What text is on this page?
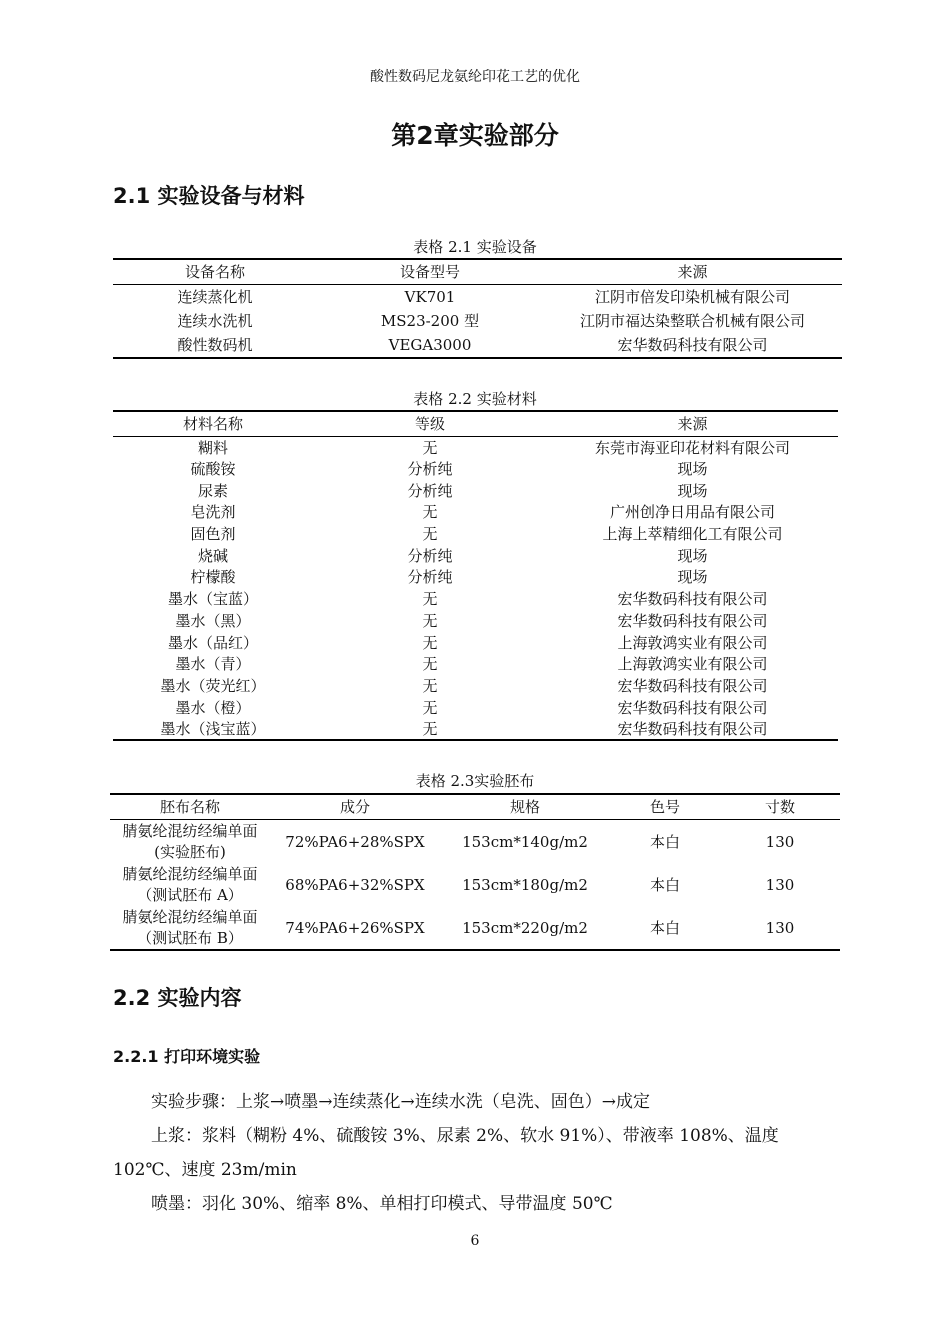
酸性数码尼龙氨纶印花工艺的优化
第2章实验部分
2.1 实验设备与材料
表格 2.1 实验设备
设备名称	设备型号	来源
连续蒸化机	VK701	江阴市倍发印染机械有限公司
连续水洗机	MS23-200 型	江阴市福达染整联合机械有限公司
酸性数码机	VEGA3000	宏华数码科技有限公司
表格 2.2 实验材料
材料名称	等级	来源
糊料	无	东莞市海亚印花材料有限公司
硫酸铵	分析纯	现场
尿素	分析纯	现场
皂洗剂	无	广州创净日用品有限公司
固色剂	无	上海上萃精细化工有限公司
烧碱	分析纯	现场
柠檬酸	分析纯	现场
墨水（宝蓝）	无	宏华数码科技有限公司
墨水（黑）	无	宏华数码科技有限公司
墨水（品红）	无	上海敦鸿实业有限公司
墨水（青）	无	上海敦鸿实业有限公司
墨水（荧光红）	无	宏华数码科技有限公司
墨水（橙）	无	宏华数码科技有限公司
墨水（浅宝蓝）	无	宏华数码科技有限公司
表格 2.3实验胚布
胚布名称	成分	规格	色号	寸数
腈氨纶混纺经编单面(实验胚布)	72%PA6+28%SPX	153cm*140g/m2	本白	130
腈氨纶混纺经编单面（测试胚布 A）	68%PA6+32%SPX	153cm*180g/m2	本白	130
腈氨纶混纺经编单面（测试胚布 B）	74%PA6+26%SPX	153cm*220g/m2	本白	130
2.2 实验内容
2.2.1 打印环境实验

实验步骤：上浆→喷墨→连续蒸化→连续水洗（皂洗、固色）→成定

上浆：浆料（糊粉 4%、硫酸铵 3%、尿素 2%、软水 91%）、带液率 108%、温度 102℃、速度 23m/min

喷墨：羽化 30%、缩率 8%、单相打印模式、导带温度 50℃

6
